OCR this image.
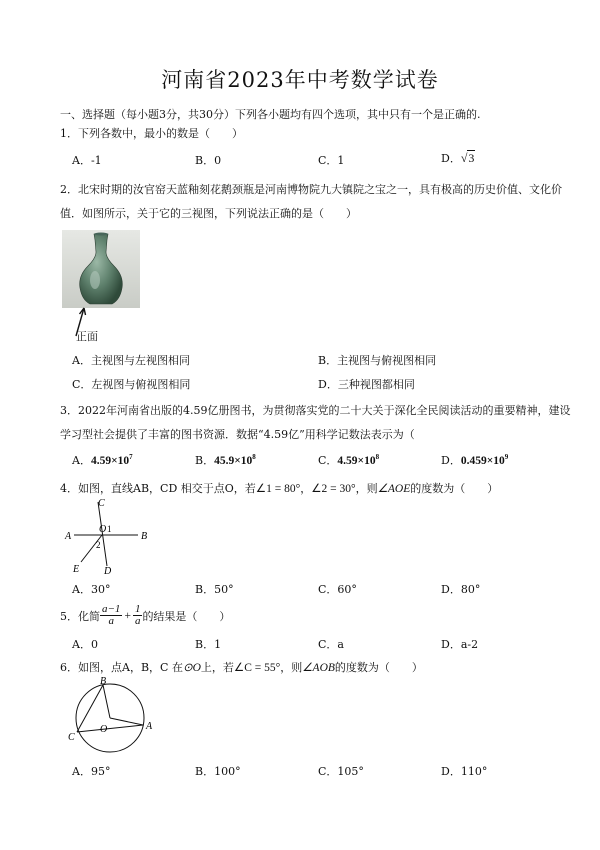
河南省2023年中考数学试卷
一、选择题（每小题3分，共30分）下列各小题均有四个选项，其中只有一个是正确的.
1．下列各数中，最小的数是（　　）
A．-1	B．0	C．1	D．√3
2．北宋时期的汝官窑天蓝釉刻花鹅颈瓶是河南博物院九大镇院之宝之一，具有极高的历史价值、文化价
值．如图所示，关于它的三视图，下列说法正确的是（　　）
正面
A．主视图与左视图相同	B．主视图与俯视图相同
C．左视图与俯视图相同	D．三种视图都相同
3．2022年河南省出版的4.59亿册图书，为贯彻落实党的二十大关于深化全民阅读活动的重要精神，建设
学习型社会提供了丰富的图书资源．数据“4.59亿”用科学记数法表示为（
A．$4.59\times 10^7$	B．$45.9\times 10^8$	C．$4.59\times 10^8$	D．$0.459\times 10^9$
4．如图，直线AB，CD 相交于点O，若∠1 = 80°，∠2 = 30°，则∠AOE的度数为（　　）
C
O 1
A	B
2
E D
A．30°	B．50°	C．60°	D．80°
5．化简 $\frac{a-1}{a} + \frac{1}{a}$ 的结果是（　　）
A．0	B．1	C．a	D．a-2
6．如图，点A，B，C 在⊙O上，若∠C = 55°，则∠AOB的度数为（　　）
B
O
C
A
A．95°	B．100°	C．105°	D．110°
